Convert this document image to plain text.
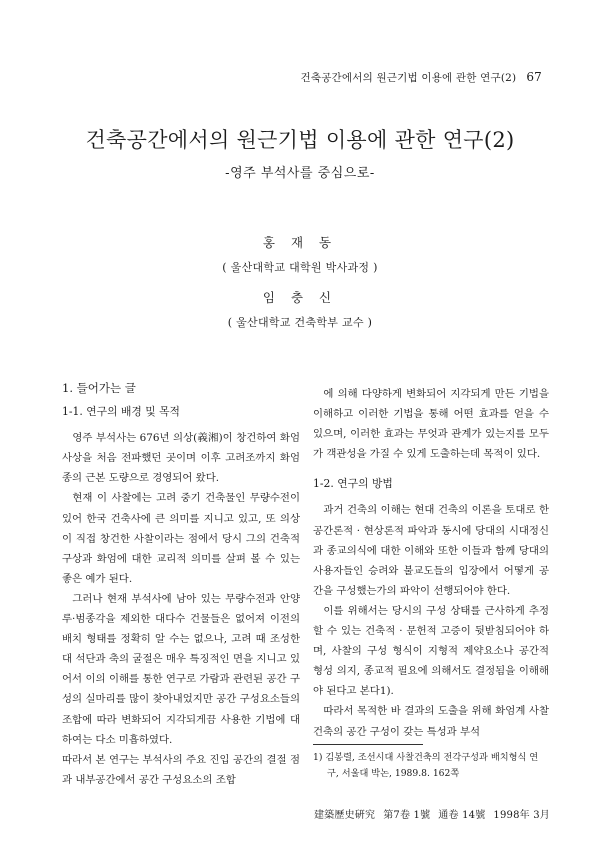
건축공간에서의 원근기법 이용에 관한 연구(2) 67
건축공간에서의 원근기법 이용에 관한 연구(2)
-영주 부석사를 중심으로-
홍 재 동
( 울산대학교 대학원 박사과정 )
임 충 신
( 울산대학교 건축학부 교수 )
1. 들어가는 글
1-1. 연구의 배경 및 목적

영주 부석사는 676년 의상(義湘)이 창건하여 화엄사상을 처음 전파했던 곳이며 이후 고려조까지 화엄종의 근본 도량으로 경영되어 왔다.

현재 이 사찰에는 고려 중기 건축물인 무량수전이 있어 한국 건축사에 큰 의미를 지니고 있고, 또 의상이 직접 창건한 사찰이라는 점에서 당시 그의 건축적 구상과 화엄에 대한 교리적 의미를 살펴 볼 수 있는 좋은 예가 된다.

그러나 현재 부석사에 남아 있는 무량수전과 안양루·범종각을 제외한 대다수 건물들은 없어져 이전의 배치 형태를 정확히 알 수는 없으나, 고려 때 조성한 대 석단과 축의 굴절은 매우 특징적인 면을 지니고 있어서 이의 이해를 통한 연구로 가람과 관련된 공간 구성의 실마리를 많이 찾아내었지만 공간 구성요소들의 조합에 따라 변화되어 지각되게끔 사용한 기법에 대하여는 다소 미흡하였다.

따라서 본 연구는 부석사의 주요 진입 공간의 결절 점과 내부공간에서 공간 구성요소의 조합

에 의해 다양하게 변화되어 지각되게 만든 기법을 이해하고 이러한 기법을 통해 어떤 효과를 얻을 수 있으며, 이러한 효과는 무엇과 관계가 있는지를 모두가 객관성을 가질 수 있게 도출하는데 목적이 있다.

1-2. 연구의 방법

과거 건축의 이해는 현대 건축의 이론을 토대로 한 공간론적 · 현상론적 파악과 동시에 당대의 시대정신과 종교의식에 대한 이해와 또한 이들과 함께 당대의 사용자들인 승려와 불교도들의 입장에서 어떻게 공간을 구성했는가의 파악이 선행되어야 한다.

이를 위해서는 당시의 구성 상태를 근사하게 추정할 수 있는 건축적 · 문헌적 고증이 뒷받침되어야 하며, 사찰의 구성 형식이 지형적 제약요소나 공간적 형성 의지, 종교적 필요에 의해서도 결정됨을 이해해야 된다고 본다1).

따라서 목적한 바 결과의 도출을 위해 화엄계 사찰건축의 공간 구성이 갖는 특성과 부석

1) 김봉렬, 조선시대 사찰건축의 전각구성과 배치형식 연
구, 서울대 박논, 1989.8. 162쪽
建築歷史硏究 第7卷 1號 通卷 14號 1998年 3月
